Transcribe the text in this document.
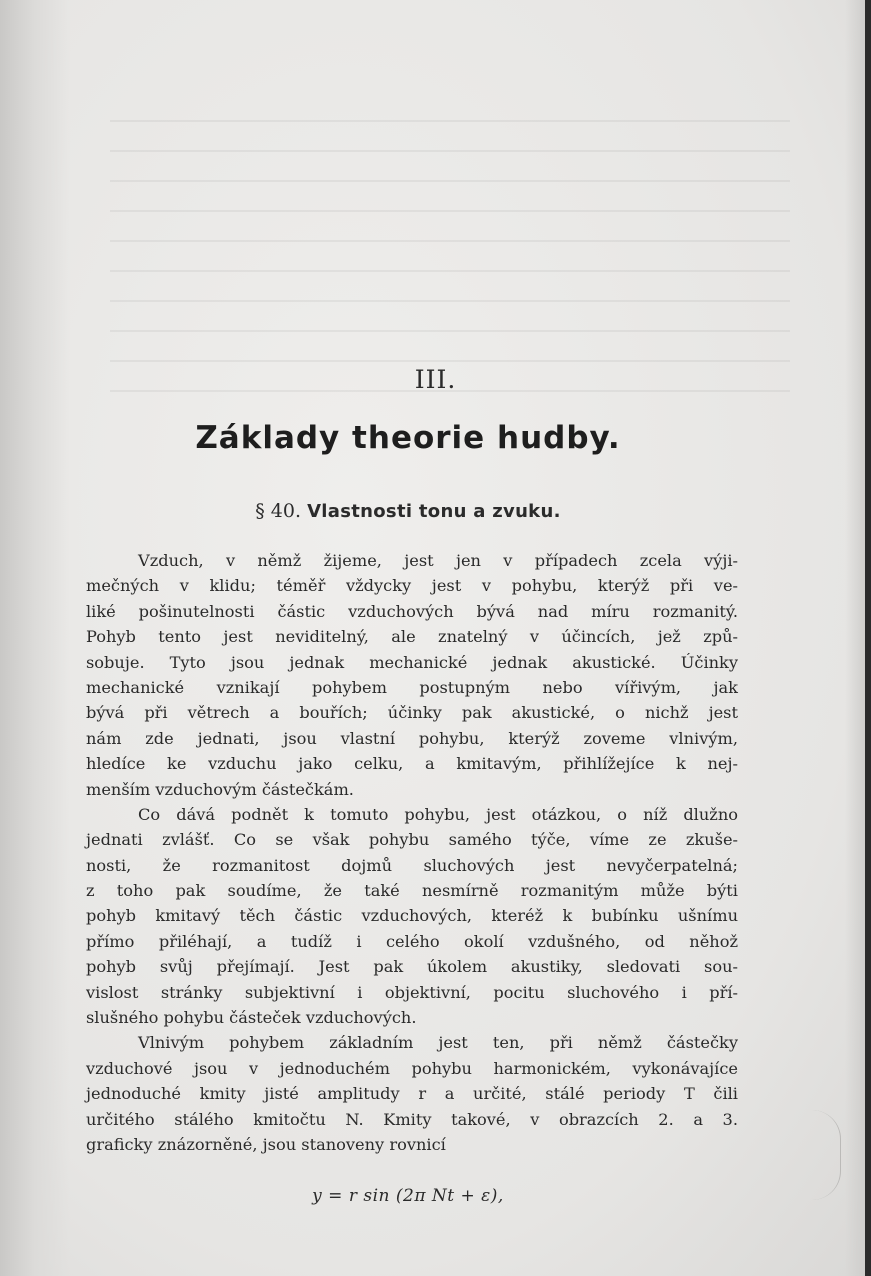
III.
Základy theorie hudby.
§ 40. Vlastnosti tonu a zvuku.
Vzduch, v němž žijeme, jest jen v případech zcela výji-
mečných v klidu; téměř vždycky jest v pohybu, kterýž při ve-
liké pošinutelnosti částic vzduchových bývá nad míru rozmanitý.
Pohyb tento jest neviditelný, ale znatelný v účincích, jež způ-
sobuje. Tyto jsou jednak mechanické jednak akustické. Účinky
mechanické vznikají pohybem postupným nebo vířivým, jak
bývá při větrech a bouřích; účinky pak akustické, o nichž jest
nám zde jednati, jsou vlastní pohybu, kterýž zoveme vlnivým,
hledíce ke vzduchu jako celku, a kmitavým, přihlížejíce k nej-
menším vzduchovým částečkám.
Co dává podnět k tomuto pohybu, jest otázkou, o níž dlužno
jednati zvlášť. Co se však pohybu samého týče, víme ze zkuše-
nosti, že rozmanitost dojmů sluchových jest nevyčerpatelná;
z toho pak soudíme, že také nesmírně rozmanitým může býti
pohyb kmitavý těch částic vzduchových, kteréž k bubínku ušnímu
přímo přiléhají, a tudíž i celého okolí vzdušného, od něhož
pohyb svůj přejímají. Jest pak úkolem akustiky, sledovati sou-
vislost stránky subjektivní i objektivní, pocitu sluchového i pří-
slušného pohybu částeček vzduchových.
Vlnivým pohybem základním jest ten, při němž částečky
vzduchové jsou v jednoduchém pohybu harmonickém, vykonávajíce
jednoduché kmity jisté amplitudy r a určité, stálé periody T čili
určitého stálého kmitočtu N. Kmity takové, v obrazcích 2. a 3.
graficky znázorněné, jsou stanoveny rovnicí
y = r sin (2π Nt + ε),
